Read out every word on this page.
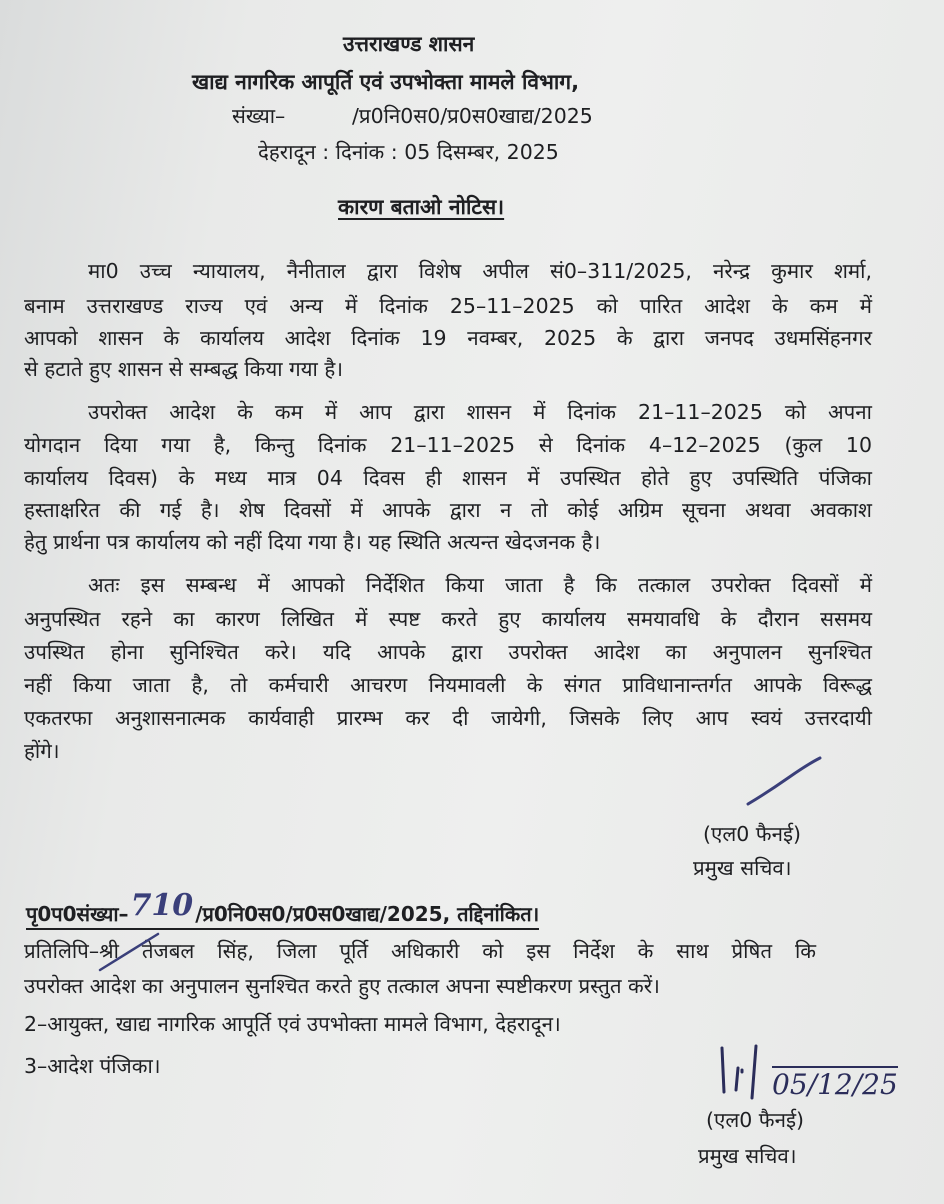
उत्तराखण्ड शासन
खाद्य नागरिक आपूर्ति एवं उपभोक्ता मामले विभाग,
संख्या–	/प्र0नि0स0/प्र0स0खाद्य/2025
देहरादून : दिनांक : 05 दिसम्बर, 2025
कारण बताओ नोटिस।
मा0 उच्च न्यायालय, नैनीताल द्वारा विशेष अपील सं0–311/2025, नरेन्द्र कुमार शर्मा,
बनाम उत्तराखण्ड राज्य एवं अन्य में दिनांक 25–11–2025 को पारित आदेश के कम में
आपको शासन के कार्यालय आदेश दिनांक 19 नवम्बर, 2025 के द्वारा जनपद उधमसिंहनगर
से हटाते हुए शासन से सम्बद्ध किया गया है।
उपरोक्त आदेश के कम में आप द्वारा शासन में दिनांक 21–11–2025 को अपना
योगदान दिया गया है, किन्तु दिनांक 21–11–2025 से दिनांक 4–12–2025 (कुल 10
कार्यालय दिवस) के मध्य मात्र 04 दिवस ही शासन में उपस्थित होते हुए उपस्थिति पंजिका
हस्ताक्षरित की गई है। शेष दिवसों में आपके द्वारा न तो कोई अग्रिम सूचना अथवा अवकाश
हेतु प्रार्थना पत्र कार्यालय को नहीं दिया गया है। यह स्थिति अत्यन्त खेदजनक है।
अतः इस सम्बन्ध में आपको निर्देशित किया जाता है कि तत्काल उपरोक्त दिवसों में
अनुपस्थित रहने का कारण लिखित में स्पष्ट करते हुए कार्यालय समयावधि के दौरान ससमय
उपस्थित होना सुनिश्चित करे। यदि आपके द्वारा उपरोक्त आदेश का अनुपालन सुनश्चित
नहीं किया जाता है, तो कर्मचारी आचरण नियमावली के संगत प्राविधानान्तर्गत आपके विरूद्ध
एकतरफा अनुशासनात्मक कार्यवाही प्रारम्भ कर दी जायेगी, जिसके लिए आप स्वयं उत्तरदायी
होंगे।
(एल0 फैनई)
प्रमुख सचिव।
पृ0प0संख्या–710 /प्र0नि0स0/प्र0स0खाद्य/2025, तद्दिनांकित।
प्रतिलिपि–श्री तेजबल सिंह, जिला पूर्ति अधिकारी को इस निर्देश के साथ प्रेषित कि
उपरोक्त आदेश का अनुपालन सुनश्चित करते हुए तत्काल अपना स्पष्टीकरण प्रस्तुत करें।
2–आयुक्त, खाद्य नागरिक आपूर्ति एवं उपभोक्ता मामले विभाग, देहरादून।
3–आदेश पंजिका।
05/12/25
(एल0 फैनई)
प्रमुख सचिव।
